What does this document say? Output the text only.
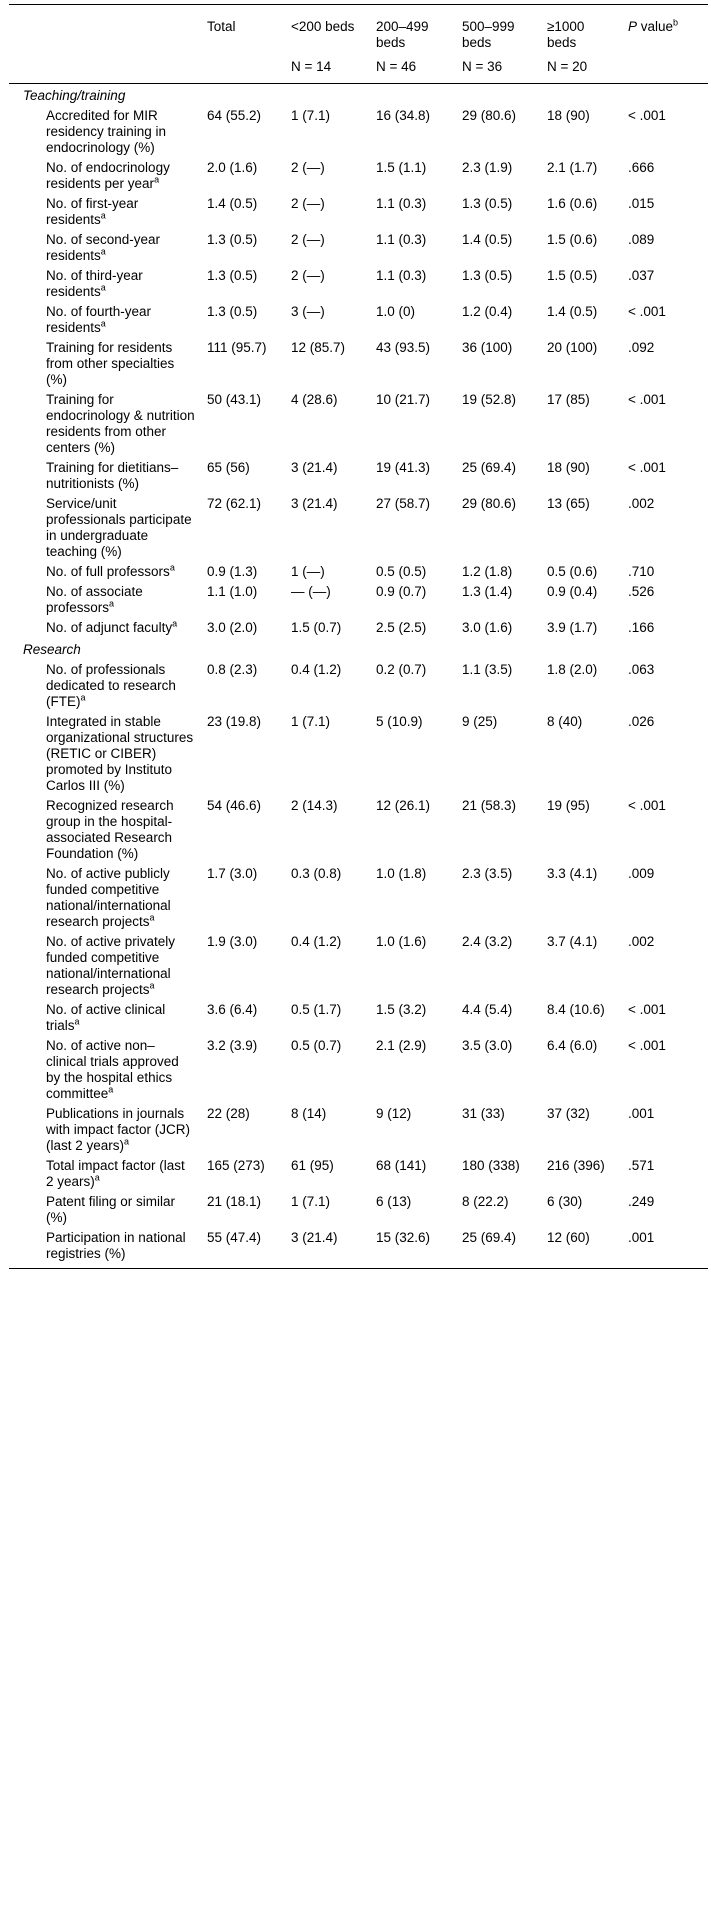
	Total	<200 beds	200–499 beds	500–999 beds	≥1000 beds	P value$^b$
		N = 14	N = 46	N = 36	N = 20	
Teaching/training						
Accredited for MIR residency training in endocrinology (%)	64 (55.2)	1 (7.1)	16 (34.8)	29 (80.6)	18 (90)	< .001
No. of endocrinology residents per year$^a$	2.0 (1.6)	2 (—)	1.5 (1.1)	2.3 (1.9)	2.1 (1.7)	.666
No. of first-year residents$^a$	1.4 (0.5)	2 (—)	1.1 (0.3)	1.3 (0.5)	1.6 (0.6)	.015
No. of second-year residents$^a$	1.3 (0.5)	2 (—)	1.1 (0.3)	1.4 (0.5)	1.5 (0.6)	.089
No. of third-year residents$^a$	1.3 (0.5)	2 (—)	1.1 (0.3)	1.3 (0.5)	1.5 (0.5)	.037
No. of fourth-year residents$^a$	1.3 (0.5)	3 (—)	1.0 (0)	1.2 (0.4)	1.4 (0.5)	< .001
Training for residents from other specialties (%)	111 (95.7)	12 (85.7)	43 (93.5)	36 (100)	20 (100)	.092
Training for endocrinology & nutrition residents from other centers (%)	50 (43.1)	4 (28.6)	10 (21.7)	19 (52.8)	17 (85)	< .001
Training for dietitians–nutritionists (%)	65 (56)	3 (21.4)	19 (41.3)	25 (69.4)	18 (90)	< .001
Service/unit professionals participate in undergraduate teaching (%)	72 (62.1)	3 (21.4)	27 (58.7)	29 (80.6)	13 (65)	.002
No. of full professors$^a$	0.9 (1.3)	1 (—)	0.5 (0.5)	1.2 (1.8)	0.5 (0.6)	.710
No. of associate professors$^a$	1.1 (1.0)	— (—)	0.9 (0.7)	1.3 (1.4)	0.9 (0.4)	.526
No. of adjunct faculty$^a$	3.0 (2.0)	1.5 (0.7)	2.5 (2.5)	3.0 (1.6)	3.9 (1.7)	.166
Research						
No. of professionals dedicated to research (FTE)$^a$	0.8 (2.3)	0.4 (1.2)	0.2 (0.7)	1.1 (3.5)	1.8 (2.0)	.063
Integrated in stable organizational structures (RETIC or CIBER) promoted by Instituto Carlos III (%)	23 (19.8)	1 (7.1)	5 (10.9)	9 (25)	8 (40)	.026
Recognized research group in the hospital-associated Research Foundation (%)	54 (46.6)	2 (14.3)	12 (26.1)	21 (58.3)	19 (95)	< .001
No. of active publicly funded competitive national/international research projects$^a$	1.7 (3.0)	0.3 (0.8)	1.0 (1.8)	2.3 (3.5)	3.3 (4.1)	.009
No. of active privately funded competitive national/international research projects$^a$	1.9 (3.0)	0.4 (1.2)	1.0 (1.6)	2.4 (3.2)	3.7 (4.1)	.002
No. of active clinical trials$^a$	3.6 (6.4)	0.5 (1.7)	1.5 (3.2)	4.4 (5.4)	8.4 (10.6)	< .001
No. of active non–clinical trials approved by the hospital ethics committee$^a$	3.2 (3.9)	0.5 (0.7)	2.1 (2.9)	3.5 (3.0)	6.4 (6.0)	< .001
Publications in journals with impact factor (JCR) (last 2 years)$^a$	22 (28)	8 (14)	9 (12)	31 (33)	37 (32)	.001
Total impact factor (last 2 years)$^a$	165 (273)	61 (95)	68 (141)	180 (338)	216 (396)	.571
Patent filing or similar (%)	21 (18.1)	1 (7.1)	6 (13)	8 (22.2)	6 (30)	.249
Participation in national registries (%)	55 (47.4)	3 (21.4)	15 (32.6)	25 (69.4)	12 (60)	.001
